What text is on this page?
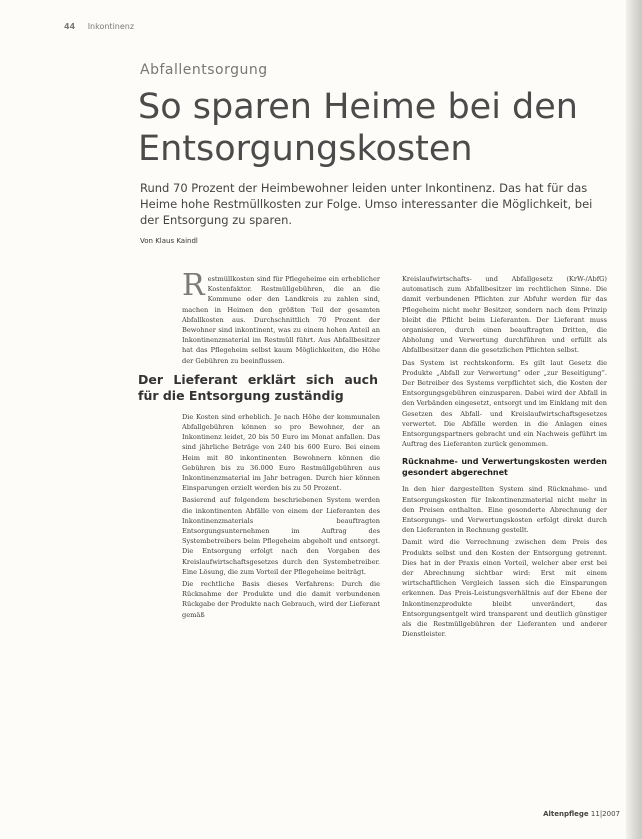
44 Inkontinenz
Abfallentsorgung
So sparen Heime bei den Entsorgungskosten

Rund 70 Prozent der Heimbewohner leiden unter Inkontinenz. Das hat für das Heime hohe Restmüllkosten zur Folge. Umso interessanter die Möglichkeit, bei der Entsorgung zu sparen.

Von Klaus Kaindl

R estmüllkosten sind für Pflegeheime ein erheblicher Kostenfaktor. Restmüllgebühren, die an die Kommune oder den Landkreis zu zahlen sind, machen in Heimen den größten Teil der gesamten Abfallkosten aus. Durchschnittlich 70 Prozent der Bewohner sind inkontinent, was zu einem hohen Anteil an Inkontinenzmaterial im Restmüll führt. Aus Abfallbesitzer hat das Pflegeheim selbst kaum Möglichkeiten, die Höhe der Gebühren zu beeinflussen.

Der Lieferant erklärt sich auch für die Entsorgung zuständig

Die Kosten sind erheblich. Je nach Höhe der kommunalen Abfallgebühren können so pro Bewohner, der an Inkontinenz leidet, 20 bis 50 Euro im Monat anfallen. Das sind jährliche Beträge von 240 bis 600 Euro. Bei einem Heim mit 80 inkontinenten Bewohnern können die Gebühren bis zu 36.000 Euro Restmüllgebühren aus Inkontinenzmaterial im Jahr betragen. Durch hier können Einsparungen erzielt werden bis zu 50 Prozent.

Basierend auf folgendem beschriebenen System werden die inkontinenten Abfälle von einem der Lieferanten des Inkontinenzmaterials beauftragten Entsorgungsunternehmen im Auftrag des Systembetreibers beim Pflegeheim abgeholt und entsorgt. Die Entsorgung erfolgt nach den Vorgaben des Kreislaufwirtschaftsgesetzes durch den Systembetreiber. Eine Lösung, die zum Vorteil der Pflegeheime beiträgt.

Die rechtliche Basis dieses Verfahrens: Durch die Rücknahme der Produkte und die damit verbundenen Rückgabe der Produkte nach Gebrauch, wird der Lieferant gemäß

Kreislaufwirtschafts- und Abfallgesetz (KrW-/AbfG) automatisch zum Abfallbesitzer im rechtlichen Sinne. Die damit verbundenen Pflichten zur Abfuhr werden für das Pflegeheim nicht mehr Besitzer, sondern nach dem Prinzip bleibt die Pflicht beim Lieferanten. Der Lieferant muss organisieren, durch einen beauftragten Dritten, die Abholung und Verwertung durchführen und erfüllt als Abfallbesitzer dann die gesetzlichen Pflichten selbst.

Das System ist rechtskonform. Es gilt laut Gesetz die Produkte „Abfall zur Verwertung“ oder „zur Beseitigung“. Der Betreiber des Systems verpflichtet sich, die Kosten der Entsorgungsgebühren einzusparen. Dabei wird der Abfall in den Verbänden eingesetzt, entsorgt und im Einklang mit den Gesetzen des Abfall- und Kreislaufwirtschaftsgesetzes verwertet. Die Abfälle werden in die Anlagen eines Entsorgungspartners gebracht und ein Nachweis geführt im Auftrag des Lieferanten zurück genommen.

Rücknahme- und Verwertungskosten werden gesondert abgerechnet

In den hier dargestellten System sind Rücknahme- und Entsorgungskosten für Inkontinenzmaterial nicht mehr in den Preisen enthalten. Eine gesonderte Abrechnung der Entsorgungs- und Verwertungskosten erfolgt direkt durch den Lieferanten in Rechnung gestellt.

Damit wird die Verrechnung zwischen dem Preis des Produkts selbst und den Kosten der Entsorgung getrennt. Dies hat in der Praxis einen Vorteil, welcher aber erst bei der Abrechnung sichtbar wird: Erst mit einem wirtschaftlichen Vergleich lassen sich die Einsparungen erkennen. Das Preis-Leistungsverhältnis auf der Ebene der Inkontinenzprodukte bleibt unverändert, das Entsorgungsentgelt wird transparent und deutlich günstiger als die Restmüllgebühren der Lieferanten und anderer Dienstleister.

Altenpflege 11|2007
